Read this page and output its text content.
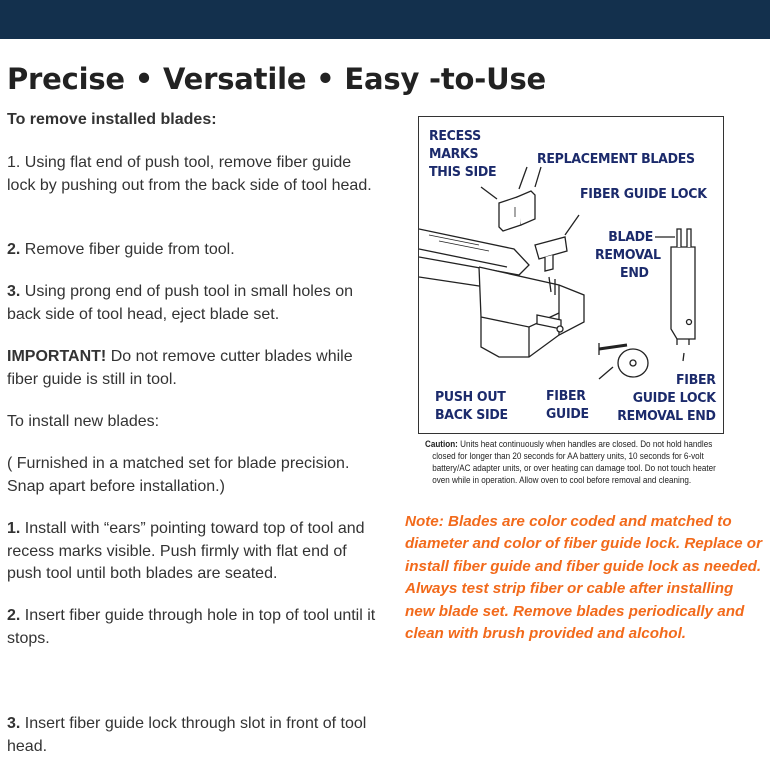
Precise • Versatile • Easy -to-Use

To remove installed blades:

1. Using flat end of push tool, remove fiber guide lock by pushing out from the back side of tool head.

2. Remove fiber guide from tool.

3. Using prong end of push tool in small holes on back side of tool head, eject blade set.

IMPORTANT! Do not remove cutter blades while fiber guide is still in tool.

To install new blades:

( Furnished in a matched set for blade precision. Snap apart before installation.)

1. Install with “ears” pointing toward top of tool and recess marks visible. Push firmly with flat end of push tool until both blades are seated.

2. Insert fiber guide through hole in top of tool until it stops.

3. Insert fiber guide lock through slot in front of tool head.

RECESS
MARKS
THIS SIDE
REPLACEMENT BLADES
FIBER GUIDE LOCK
BLADE
REMOVAL
END
PUSH OUT
BACK SIDE
FIBER
GUIDE
FIBER
GUIDE LOCK
REMOVAL END
Caution: Units heat continuously when handles are closed. Do not hold handles
closed for longer than 20 seconds for AA battery units, 10 seconds for 6-volt
battery/AC adapter units, or over heating can damage tool. Do not touch heater
oven while in operation. Allow oven to cool before removal and cleaning.
Note: Blades are color coded and matched to diameter and color of fiber guide lock. Replace or install fiber guide and fiber guide lock as needed. Always test strip fiber or cable after installing new blade set. Remove blades periodically and clean with brush provided and alcohol.
